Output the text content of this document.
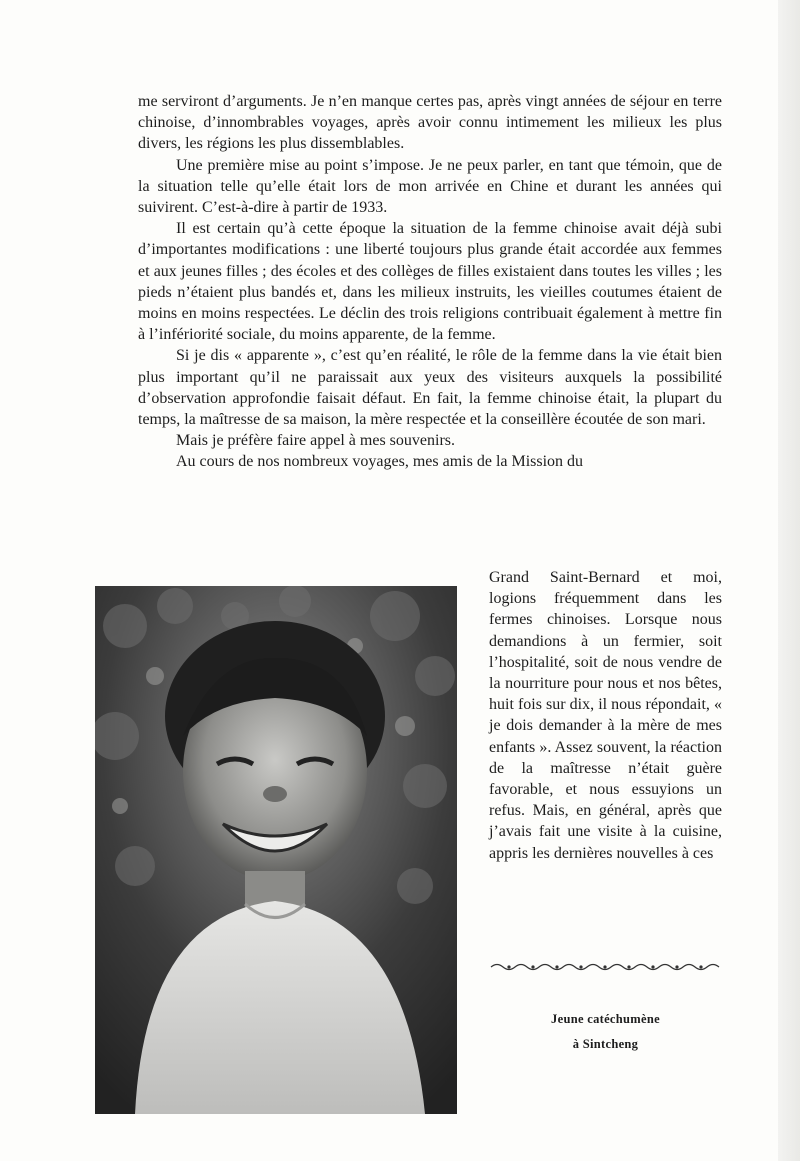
me serviront d’arguments. Je n’en manque certes pas, après vingt années de séjour en terre chinoise, d’innombrables voyages, après avoir connu intimement les milieux les plus divers, les régions les plus dissemblables.

Une première mise au point s’impose. Je ne peux parler, en tant que témoin, que de la situation telle qu’elle était lors de mon arrivée en Chine et durant les années qui suivirent. C’est-à-dire à partir de 1933.

Il est certain qu’à cette époque la situation de la femme chinoise avait déjà subi d’importantes modifications : une liberté toujours plus grande était accordée aux femmes et aux jeunes filles ; des écoles et des collèges de filles existaient dans toutes les villes ; les pieds n’étaient plus bandés et, dans les milieux instruits, les vieilles coutumes étaient de moins en moins respectées. Le déclin des trois religions contribuait également à mettre fin à l’infériorité sociale, du moins apparente, de la femme.

Si je dis « apparente », c’est qu’en réalité, le rôle de la femme dans la vie était bien plus important qu’il ne paraissait aux yeux des visiteurs auxquels la possibilité d’observation approfondie faisait défaut. En fait, la femme chinoise était, la plupart du temps, la maîtresse de sa maison, la mère respectée et la conseillère écoutée de son mari.

Mais je préfère faire appel à mes souvenirs.

Au cours de nos nombreux voyages, mes amis de la Mission du

Grand Saint-Bernard et moi, logions fréquemment dans les fermes chinoises. Lorsque nous demandions à un fermier, soit l’hospitalité, soit de nous vendre de la nourriture pour nous et nos bêtes, huit fois sur dix, il nous répondait, « je dois demander à la mère de mes enfants ». Assez souvent, la réaction de la maîtresse n’était guère favorable, et nous essuyions un refus. Mais, en général, après que j’avais fait une visite à la cuisine, appris les dernières nouvelles à ces

Jeune catéchumène
à Sintcheng
